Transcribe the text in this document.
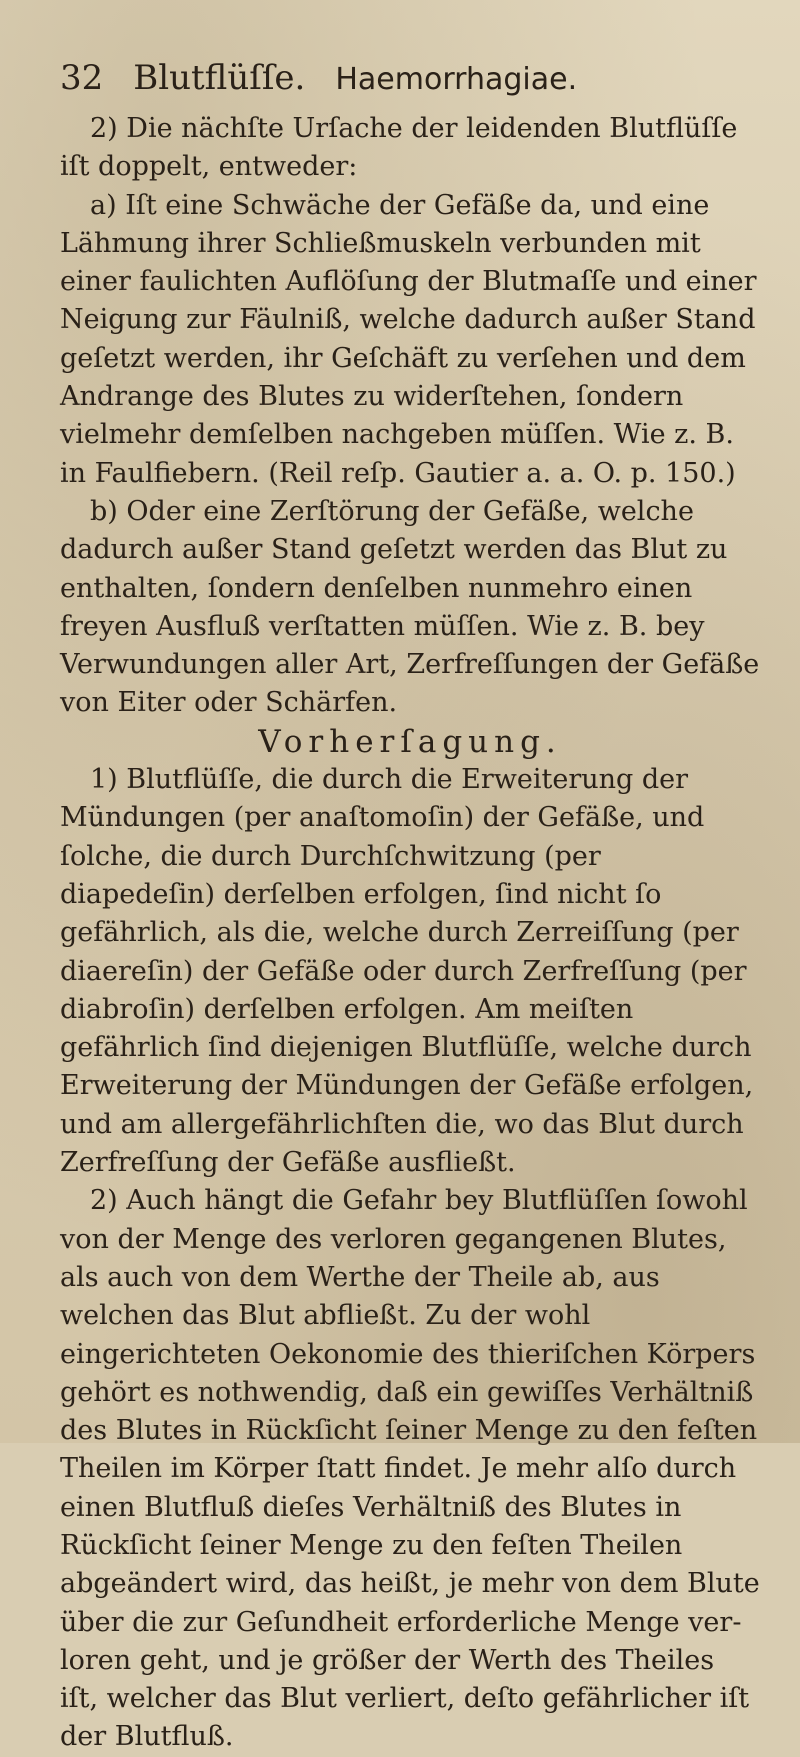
32 Blutflüſſe. Haemorrhagiae.

2) Die nächſte Urſache der leidenden Blutflüſſe iſt doppelt, entweder:

a) Iſt eine Schwäche der Gefäße da, und eine Lähmung ihrer Schließmuskeln verbunden mit einer faulichten Auflöſung der Blutmaſſe und einer Neigung zur Fäulniß, welche dadurch außer Stand geſetzt werden, ihr Geſchäft zu verſehen und dem Andrange des Blutes zu widerſtehen, ſondern vielmehr demſelben nachgeben müſſen. Wie z. B. in Faulfiebern. (Reil reſp. Gautier a. a. O. p. 150.)

b) Oder eine Zerſtörung der Gefäße, welche dadurch außer Stand geſetzt werden das Blut zu enthalten, ſondern denſelben nunmehro einen freyen Ausfluß verſtatten müſſen. Wie z. B. bey Verwundungen aller Art, Zerfreſſungen der Gefäße von Eiter oder Schärfen.

Vorherſagung.

1) Blutflüſſe, die durch die Erweiterung der Mündungen (per anaſtomoſin) der Gefäße, und ſolche, die durch Durchſchwitzung (per diapedeſin) derſelben erfolgen, ſind nicht ſo gefährlich, als die, welche durch Zerreiſſung (per diaereſin) der Gefäße oder durch Zerfreſſung (per diabroſin) derſelben erfolgen. Am meiſten gefährlich ſind diejenigen Blutflüſſe, welche durch Erweiterung der Mündungen der Gefäße erfolgen, und am allergefährlichſten die, wo das Blut durch Zerfreſſung der Gefäße ausfließt.

2) Auch hängt die Gefahr bey Blutflüſſen ſowohl von der Menge des verloren gegangenen Blutes, als auch von dem Werthe der Theile ab, aus welchen das Blut abfließt. Zu der wohl eingerichteten Oekonomie des thieriſchen Körpers gehört es nothwendig, daß ein gewiſſes Verhältniß des Blutes in Rückſicht ſeiner Menge zu den feſten Theilen im Körper ſtatt findet. Je mehr alſo durch einen Blutfluß dieſes Verhältniß des Blutes in Rückſicht ſeiner Menge zu den feſten Theilen abgeändert wird, das heißt, je mehr von dem Blute über die zur Geſundheit erforderliche Menge verloren geht, und je größer der Werth des Theiles iſt, welcher das Blut verliert, deſto gefährlicher iſt der Blutfluß.
